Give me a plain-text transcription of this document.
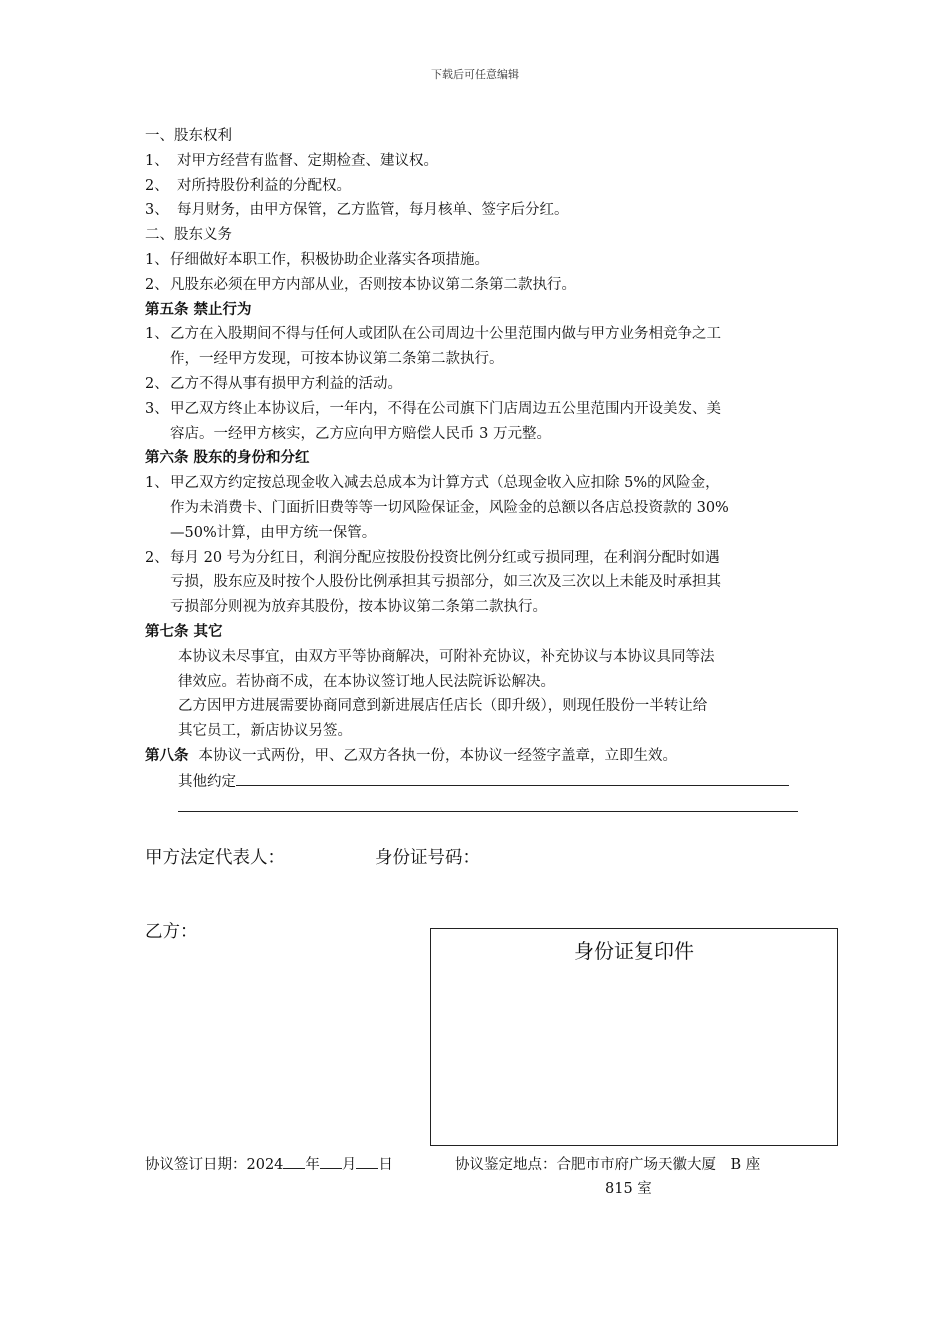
下载后可任意编辑
一、股东权利
1、 对甲方经营有监督、定期检查、建议权。
2、 对所持股份利益的分配权。
3、 每月财务，由甲方保管，乙方监管，每月核单、签字后分红。
二、股东义务
1、 仔细做好本职工作，积极协助企业落实各项措施。
2、 凡股东必须在甲方内部从业，否则按本协议第二条第二款执行。
第五条 禁止行为
1、 乙方在入股期间不得与任何人或团队在公司周边十公里范围内做与甲方业务相竞争之工
作，一经甲方发现，可按本协议第二条第二款执行。
2、 乙方不得从事有损甲方利益的活动。
3、 甲乙双方终止本协议后，一年内，不得在公司旗下门店周边五公里范围内开设美发、美
容店。一经甲方核实，乙方应向甲方赔偿人民币 3 万元整。
第六条 股东的身份和分红
1、 甲乙双方约定按总现金收入减去总成本为计算方式（总现金收入应扣除 5%的风险金，
作为未消费卡、门面折旧费等等一切风险保证金，风险金的总额以各店总投资款的 30%
—50%计算，由甲方统一保管。
2、 每月 20 号为分红日，利润分配应按股份投资比例分红或亏损同理，在利润分配时如遇
亏损，股东应及时按个人股份比例承担其亏损部分，如三次及三次以上未能及时承担其
亏损部分则视为放弃其股份，按本协议第二条第二款执行。
第七条 其它
本协议未尽事宜，由双方平等协商解决，可附补充协议，补充协议与本协议具同等法
律效应。若协商不成，在本协议签订地人民法院诉讼解决。
乙方因甲方进展需要协商同意到新进展店任店长（即升级），则现任股份一半转让给
其它员工，新店协议另签。
第八条 本协议一式两份，甲、乙双方各执一份，本协议一经签字盖章，立即生效。
其他约定
甲方法定代表人：	身份证号码：
乙方：
身份证复印件
协议签订日期：2024 年 月 日	协议鉴定地点：合肥市市府广场天徽大厦　B 座
815 室
